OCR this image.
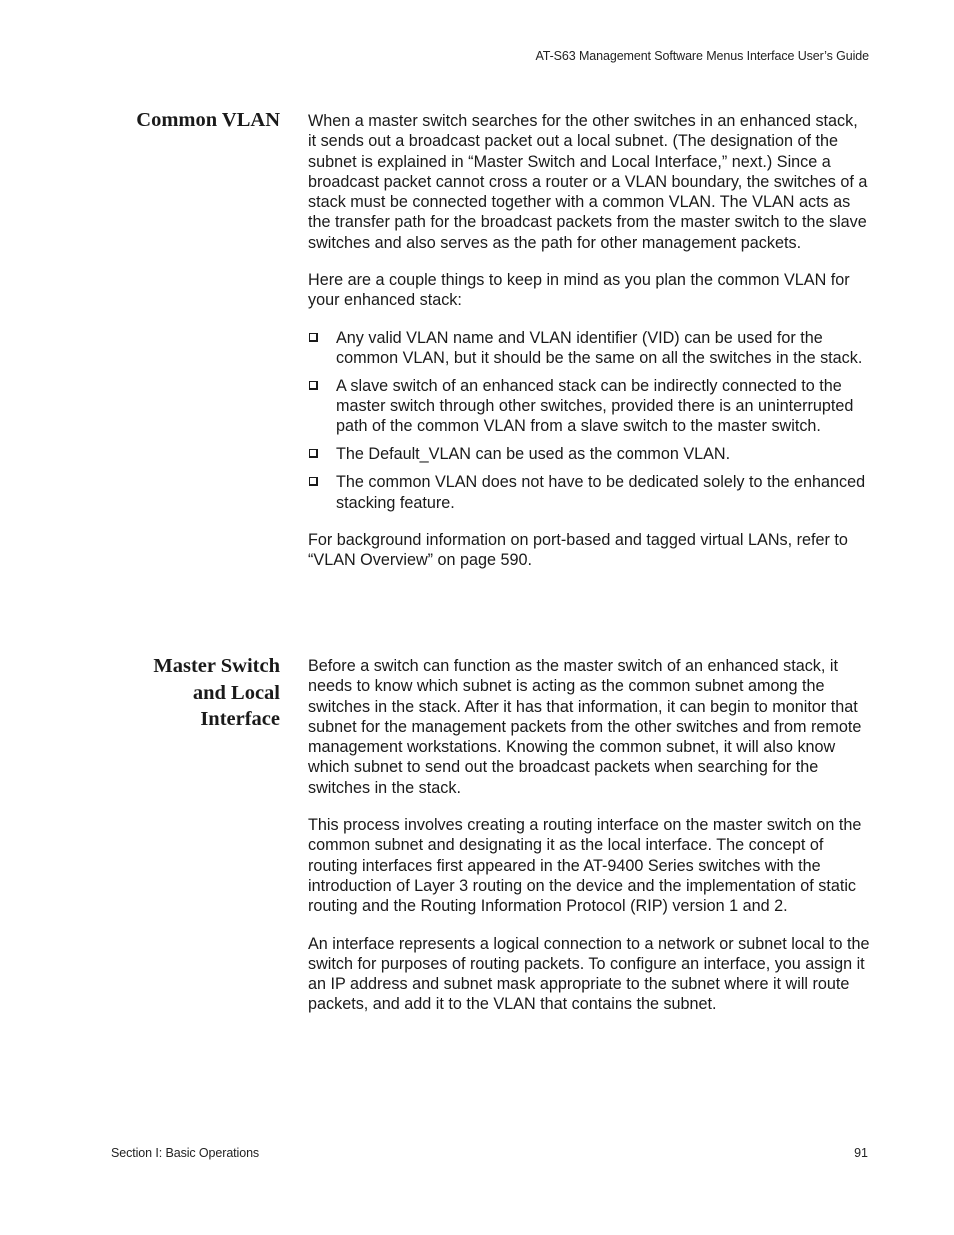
AT-S63 Management Software Menus Interface User’s Guide
Common VLAN When a master switch searches for the other switches in an enhanced stack, it sends out a broadcast packet out a local subnet. (The designation of the subnet is explained in “Master Switch and Local Interface,” next.) Since a broadcast packet cannot cross a router or a VLAN boundary, the switches of a stack must be connected together with a common VLAN. The VLAN acts as the transfer path for the broadcast packets from the master switch to the slave switches and also serves as the path for other management packets.

Here are a couple things to keep in mind as you plan the common VLAN for your enhanced stack:

Any valid VLAN name and VLAN identifier (VID) can be used for the common VLAN, but it should be the same on all the switches in the stack.
A slave switch of an enhanced stack can be indirectly connected to the master switch through other switches, provided there is an uninterrupted path of the common VLAN from a slave switch to the master switch.
The Default_VLAN can be used as the common VLAN.
The common VLAN does not have to be dedicated solely to the enhanced stacking feature.

For background information on port-based and tagged virtual LANs, refer to “VLAN Overview” on page 590.

Master Switch
and Local
Interface

Before a switch can function as the master switch of an enhanced stack, it needs to know which subnet is acting as the common subnet among the switches in the stack. After it has that information, it can begin to monitor that subnet for the management packets from the other switches and from remote management workstations. Knowing the common subnet, it will also know which subnet to send out the broadcast packets when searching for the switches in the stack.

This process involves creating a routing interface on the master switch on the common subnet and designating it as the local interface. The concept of routing interfaces first appeared in the AT-9400 Series switches with the introduction of Layer 3 routing on the device and the implementation of static routing and the Routing Information Protocol (RIP) version 1 and 2.

An interface represents a logical connection to a network or subnet local to the switch for purposes of routing packets. To configure an interface, you assign it an IP address and subnet mask appropriate to the subnet where it will route packets, and add it to the VLAN that contains the subnet.

Section I: Basic Operations	91
